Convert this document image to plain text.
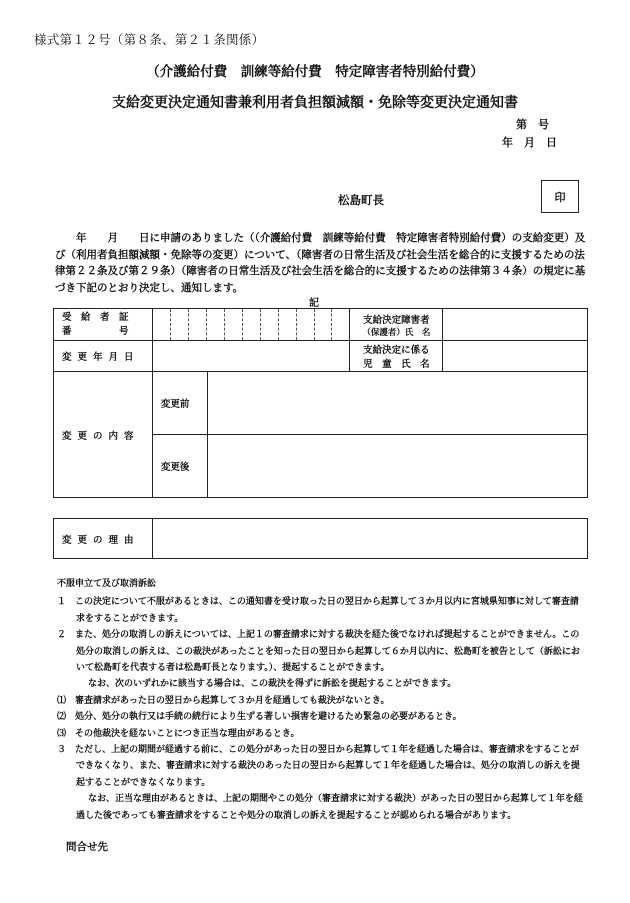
様式第１２号（第８条、第２１条関係）
（介護給付費　訓練等給付費　特定障害者特別給付費）
支給変更決定通知書兼利用者負担額減額・免除等変更決定通知書
第　号
年　月　日
松島町長	印
　　年　　月　　日に申請のありました（（介護給付費　訓練等給付費　特定障害者特別給付費）の支給変更）及び（利用者負担額減額・免除等の変更）について、（障害者の日常生活及び社会生活を総合的に支援するための法律第２２条及び第２９条）（障害者の日常生活及び社会生活を総合的に支援するための法律第３４条）の規定に基づき下記のとおり決定し、通知します。
記
受　給　者　証
番　　　　　号			支給決定障害者
（保護者）氏　名	

変更年月日			支給決定に係る
児　童　氏　名	

変更の内容	変更前			
	変更後			
変更の理由	

不服申立て及び取消訴訟

１　この決定について不服があるときは、この通知書を受け取った日の翌日から起算して３か月以内に宮城県知事に対して審査請求をすることができます。

２　また、処分の取消しの訴えについては、上記１の審査請求に対する裁決を経た後でなければ提起することができません。この処分の取消しの訴えは、この裁決があったことを知った日の翌日から起算して６か月以内に、松島町を被告として（訴訟において松島町を代表する者は松島町長となります。）、提起することができます。

なお、次のいずれかに該当する場合は、この裁決を得ずに訴訟を提起することができます。

⑴　審査請求があった日の翌日から起算して３か月を経過しても裁決がないとき。

⑵　処分、処分の執行又は手続の続行により生ずる著しい損害を避けるため緊急の必要があるとき。

⑶　その他裁決を経ないことにつき正当な理由があるとき。

３　ただし、上記の期間が経過する前に、この処分があった日の翌日から起算して１年を経過した場合は、審査請求をすることができなくなり、また、審査請求に対する裁決のあった日の翌日から起算して１年を経過した場合は、処分の取消しの訴えを提起することができなくなります。

なお、正当な理由があるときは、上記の期間やこの処分（審査請求に対する裁決）があった日の翌日から起算して１年を経過した後であっても審査請求をすることや処分の取消しの訴えを提起することが認められる場合があります。

問合せ先
